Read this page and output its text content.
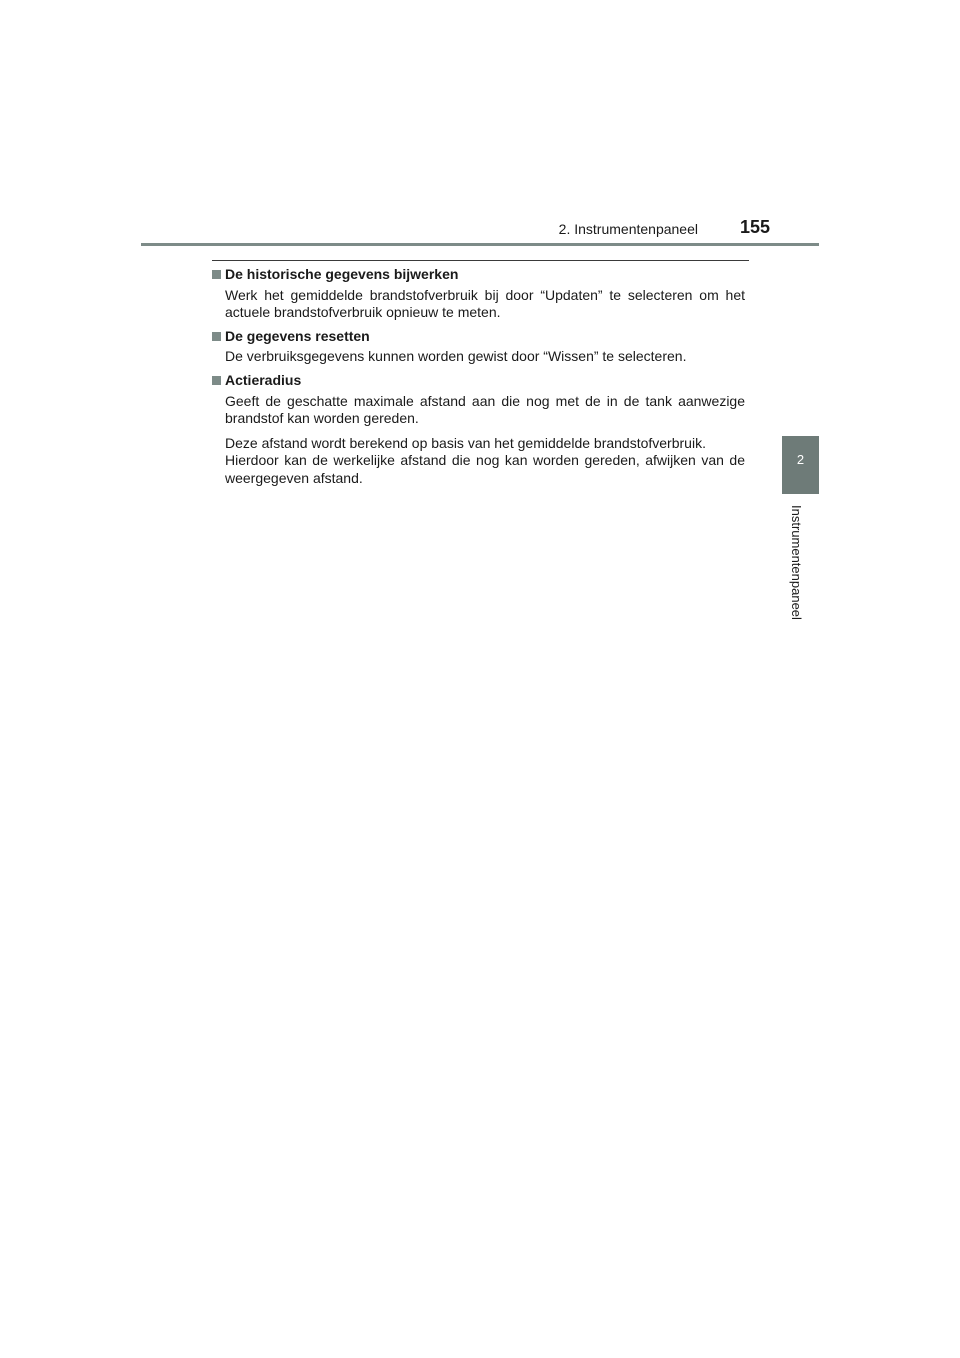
2. Instrumentenpaneel 155
2
Instrumentenpaneel
De historische gegevens bijwerken

Werk het gemiddelde brandstofverbruik bij door “Updaten” te selecteren om het actuele brandstofverbruik opnieuw te meten.

De gegevens resetten

De verbruiksgegevens kunnen worden gewist door “Wissen” te selecteren.

Actieradius

Geeft de geschatte maximale afstand aan die nog met de in de tank aanwezige brandstof kan worden gereden.

Deze afstand wordt berekend op basis van het gemiddelde brandstofverbruik.
Hierdoor kan de werkelijke afstand die nog kan worden gereden, afwijken van de weergegeven afstand.
